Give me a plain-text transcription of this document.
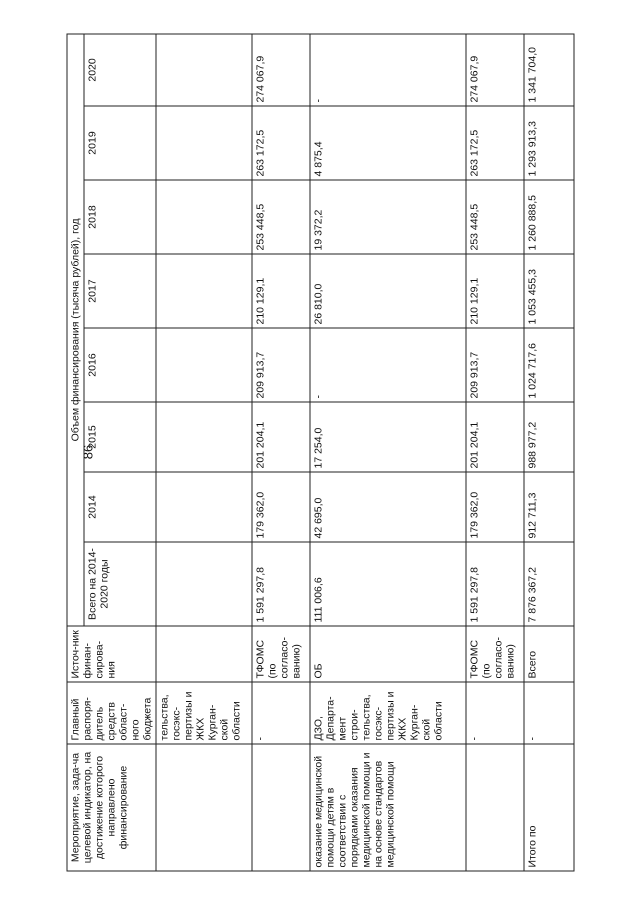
86
Мероприятие, зада-ча целевой индикатор, на достижение которого направлено финансирование	Главный распоря-дитель средств област-ного бюджета	Источ-ник финан-сирова-ния	Объем финансирования (тысяча рублей), год							
			Всего на 2014-2020 годы	2014	2015	2016	2017	2018	2019	2020
	тельства, госэкс-пертизы и ЖКХ Курган-ской области									
	-	ТФОМС (по согласо-ванию)	1 591 297,8	179 362,0	201 204,1	209 913,7	210 129,1	253 448,5	263 172,5	274 067,9
оказание медицинской помощи детям в соответствии с порядками оказания медицинской помощи и на основе стандартов медицинской помощи	ДЗО, Департа-мент строи-тельства, госэкс-пертизы и ЖКХ Курган-ской области	ОБ	111 006,6	42 695,0	17 254,0	-	26 810,0	19 372,2	4 875,4	-
	-	ТФОМС (по согласо-ванию)	1 591 297,8	179 362,0	201 204,1	209 913,7	210 129,1	253 448,5	263 172,5	274 067,9
Итого по	-	Всего	7 876 367,2	912 711,3	988 977,2	1 024 717,6	1 053 455,3	1 260 888,5	1 293 913,3	1 341 704,0
